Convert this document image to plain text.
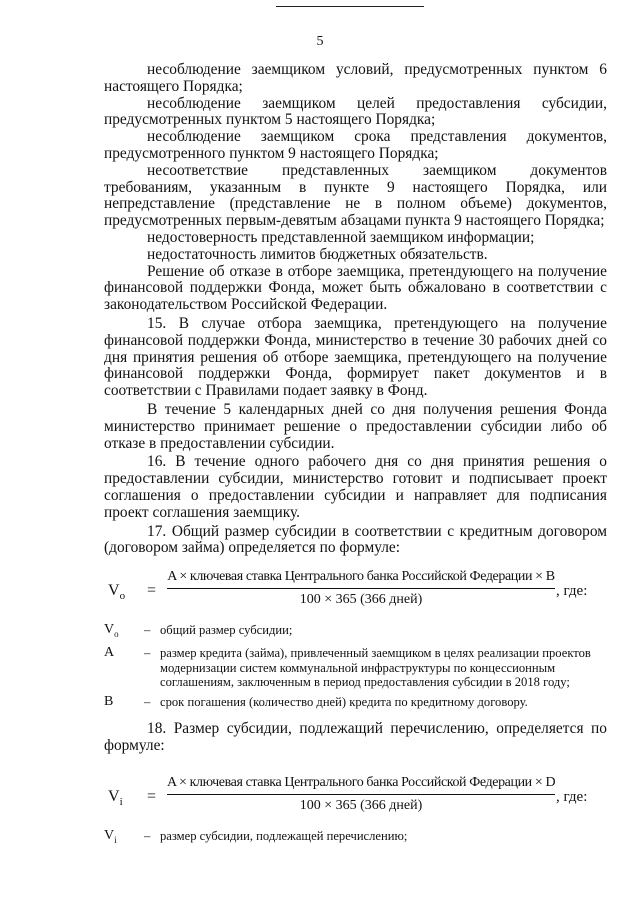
5

несоблюдение заемщиком условий, предусмотренных пунктом 6 настоящего Порядка;

несоблюдение заемщиком целей предоставления субсидии, предусмотренных пунктом 5 настоящего Порядка;

несоблюдение заемщиком срока представления документов, предусмотренного пунктом 9 настоящего Порядка;

несоответствие представленных заемщиком документов требованиям, указанным в пункте 9 настоящего Порядка, или непредставление (представление не в полном объеме) документов, предусмотренных первым-девятым абзацами пункта 9 настоящего Порядка;

недостоверность представленной заемщиком информации;

недостаточность лимитов бюджетных обязательств.

Решение об отказе в отборе заемщика, претендующего на получение финансовой поддержки Фонда, может быть обжаловано в соответствии с законодательством Российской Федерации.

15. В случае отбора заемщика, претендующего на получение финансовой поддержки Фонда, министерство в течение 30 рабочих дней со дня принятия решения об отборе заемщика, претендующего на получение финансовой поддержки Фонда, формирует пакет документов и в соответствии с Правилами подает заявку в Фонд.

В течение 5 календарных дней со дня получения решения Фонда министерство принимает решение о предоставлении субсидии либо об отказе в предоставлении субсидии.

16. В течение одного рабочего дня со дня принятия решения о предоставлении субсидии, министерство готовит и подписывает проект соглашения о предоставлении субсидии и направляет для подписания проект соглашения заемщику.

17. Общий размер субсидии в соответствии с кредитным договором (договором займа) определяется по формуле:

$V_о$ =
A × ключевая ставка Центрального банка Российской Федерации × B
100 × 365 (366 дней)
, где:
$V_о$	– общий размер субсидии;
A	– размер кредита (займа), привлеченный заемщиком в целях реализации проектов модернизации систем коммунальной инфраструктуры по концессионным соглашениям, заключенным в период предоставления субсидии в 2018 году;
B	– срок погашения (количество дней) кредита по кредитному договору.

18. Размер субсидии, подлежащий перечислению, определяется по формуле:

$V_i$ =
A × ключевая ставка Центрального банка Российской Федерации × D
100 × 365 (366 дней)
, где:
$V_i$	– размер субсидии, подлежащей перечислению;
